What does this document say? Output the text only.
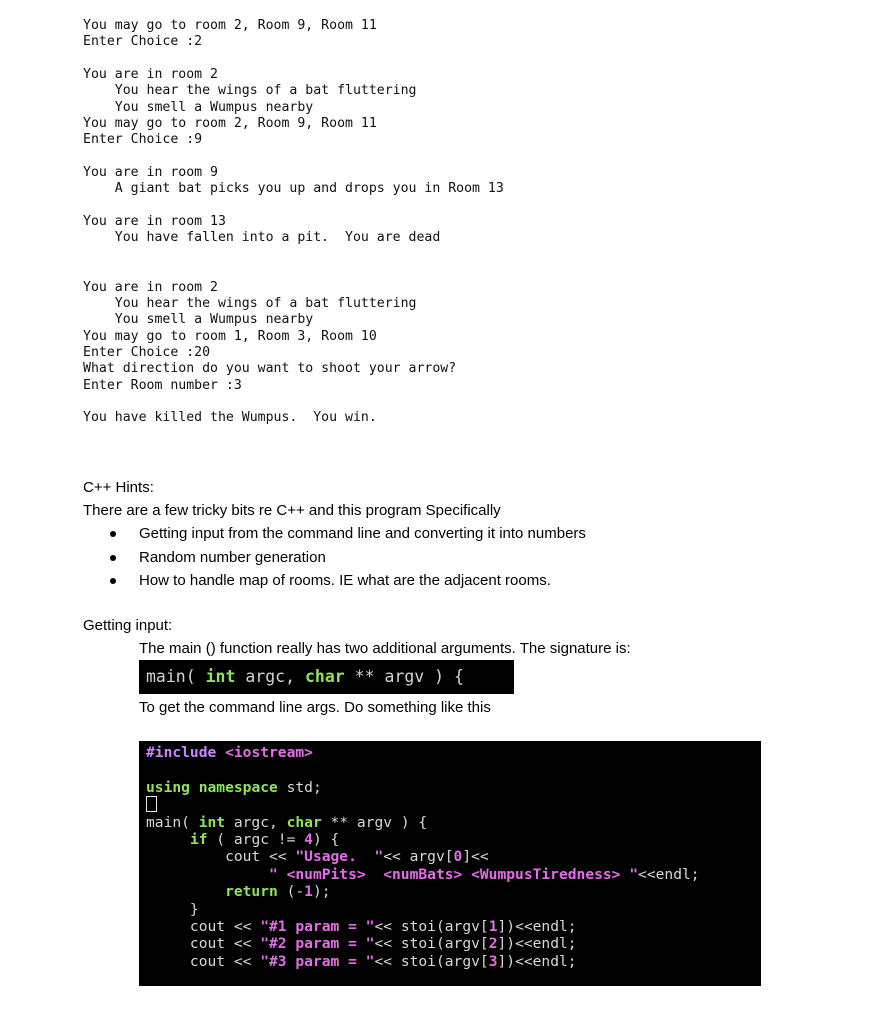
You may go to room 2, Room 9, Room 11
Enter Choice :2
You are in room 2
You hear the wings of a bat fluttering
You smell a Wumpus nearby
You may go to room 2, Room 9, Room 11
Enter Choice :9
You are in room 9
A giant bat picks you up and drops you in Room 13
You are in room 13
You have fallen into a pit.  You are dead
You are in room 2
You hear the wings of a bat fluttering
You smell a Wumpus nearby
You may go to room 1, Room 3, Room 10
Enter Choice :20
What direction do you want to shoot your arrow?
Enter Room number :3
You have killed the Wumpus.  You win.
C++ Hints:
There are a few tricky bits re C++ and this program Specifically
Getting input from the command line and converting it into numbers
Random number generation
How to handle map of rooms. IE what are the adjacent rooms.
Getting input:
The main () function really has two additional arguments. The signature is:
main( int argc, char ** argv ) {
To get the command line args. Do something like this
#include <iostream>
using namespace std;
main( int argc, char ** argv ) {
if ( argc != 4) {
cout << "Usage.  "<< argv[0]<<
" <numPits>  <numBats> <WumpusTiredness> "<<endl;
return (-1);
}
cout << "#1 param = "<< stoi(argv[1])<<endl;
cout << "#2 param = "<< stoi(argv[2])<<endl;
cout << "#3 param = "<< stoi(argv[3])<<endl;
